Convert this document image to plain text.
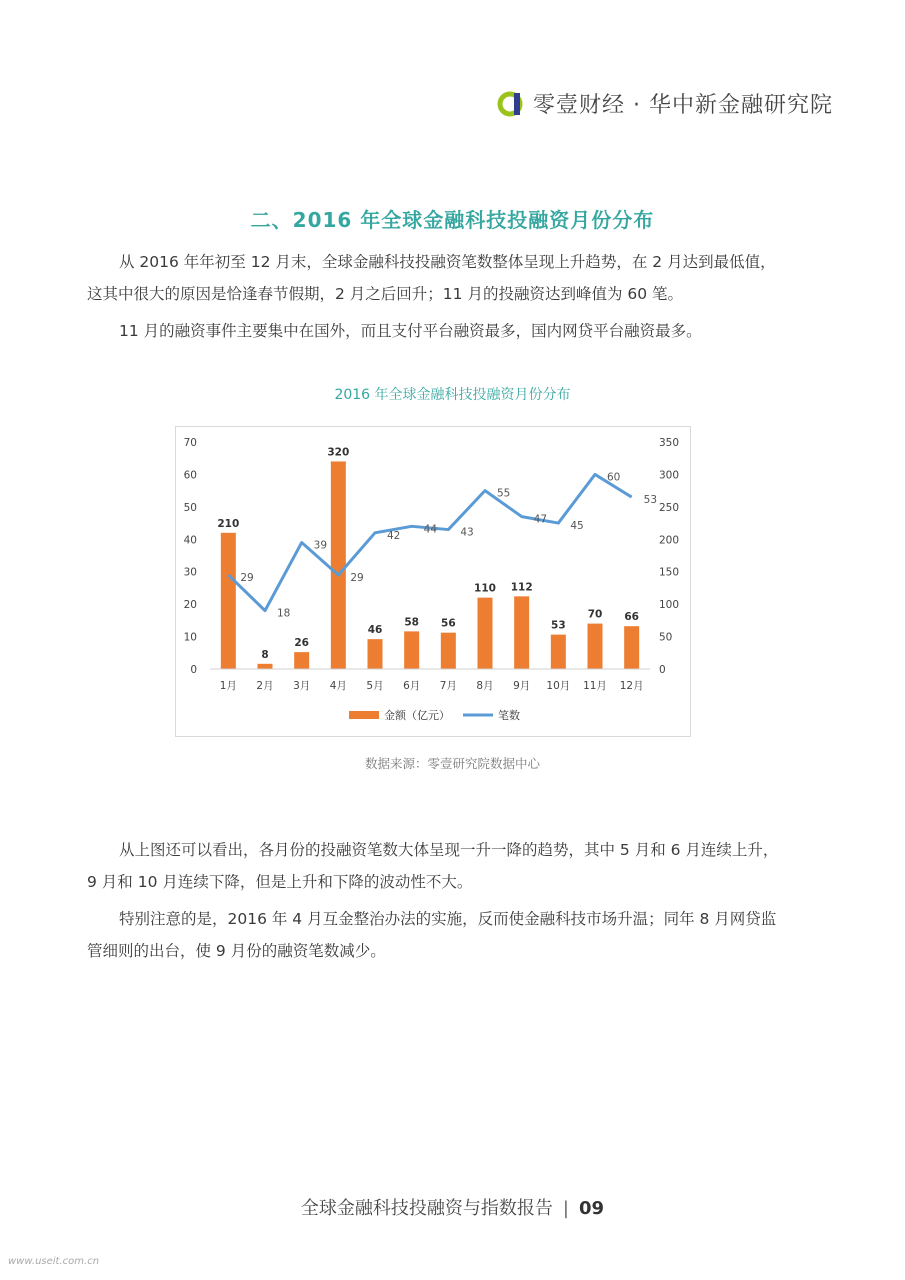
零壹财经 · 华中新金融研究院
二、2016 年全球金融科技投融资月份分布
从 2016 年年初至 12 月末，全球金融科技投融资笔数整体呈现上升趋势，在 2 月达到最低值，
这其中很大的原因是恰逢春节假期，2 月之后回升；11 月的投融资达到峰值为 60 笔。
11 月的融资事件主要集中在国外，而且支付平台融资最多，国内网贷平台融资最多。
2016 年全球金融科技投融资月份分布
0
10
20
30
40
50
60
70
0
50
100
150
200
250
300
350
210
8
26
320
46
58 56
110 112
53
70 66
29
18
39
29
42
44 43
55
47
45
60
53
1月 2月 3月 4月 5月 6月 7月 8月 9月 10月 11月 12月
金额（亿元）	笔数
数据来源：零壹研究院数据中心
从上图还可以看出，各月份的投融资笔数大体呈现一升一降的趋势，其中 5 月和 6 月连续上升，
9 月和 10 月连续下降，但是上升和下降的波动性不大。
特别注意的是，2016 年 4 月互金整治办法的实施，反而使金融科技市场升温；同年 8 月网贷监
管细则的出台，使 9 月份的融资笔数减少。
全球金融科技投融资与指数报告 | 09
www.useit.com.cn
